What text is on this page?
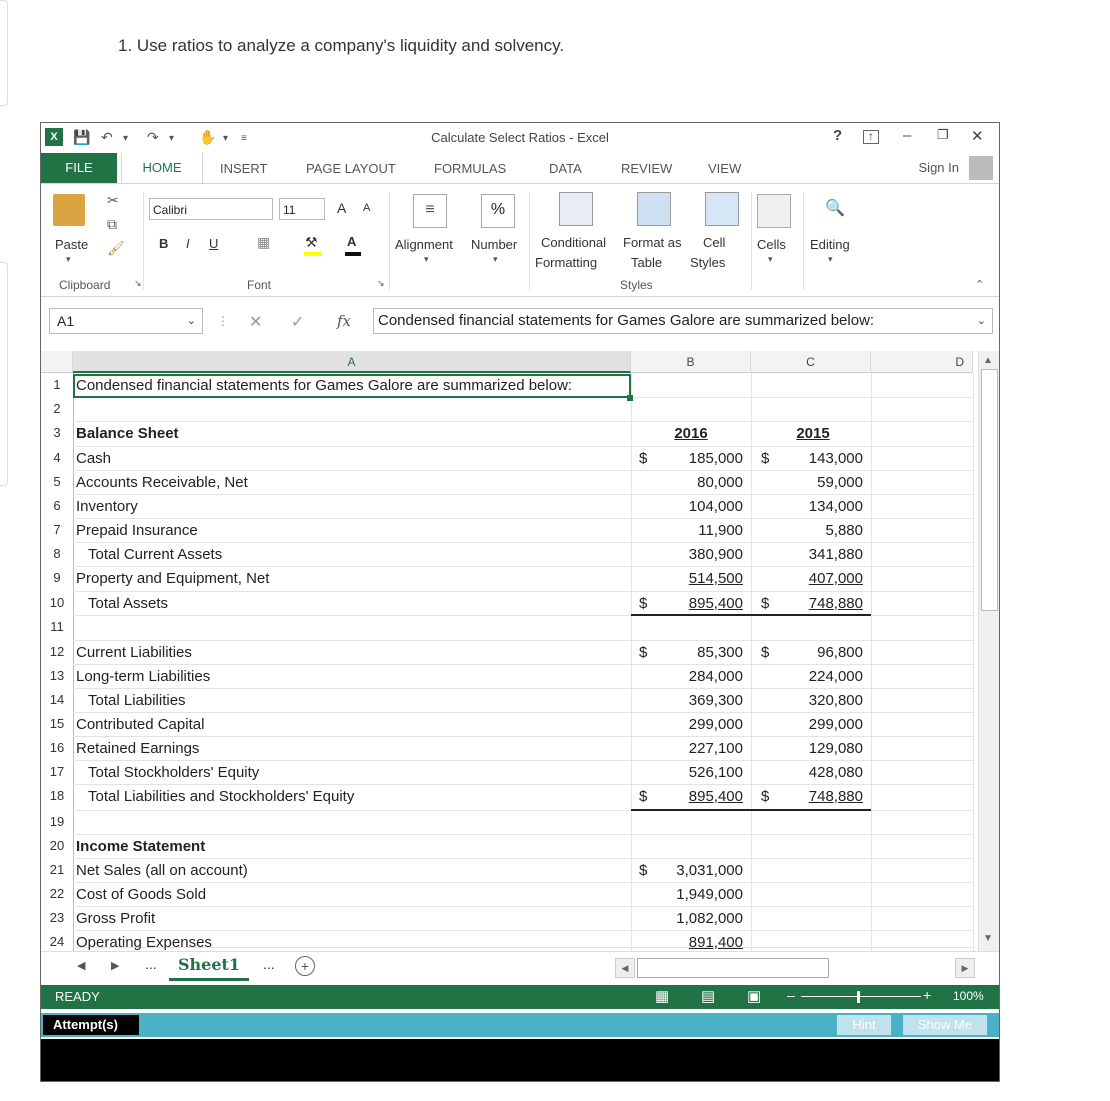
1. Use ratios to analyze a company's liquidity and solvency.
X	💾 ↶ ▾ ↷ ▾ ✋ ▾ ≡	Calculate Select Ratios - Excel	?	↑	– ❐ ✕
FILE	HOME	INSERT	PAGE LAYOUT	FORMULAS	DATA	REVIEW	VIEW	Sign In
Paste
▾
✂
⧉
🖌
Clipboard	↘
Calibri	11	A A
B I U	▦ ⚒ A
Font	↘
≡
Alignment
▾
%
Number
▾
Conditional
Formatting
Format as
Table
Cell
Styles
Styles
Cells
▾
🔍
Editing
▾
⌃
A1	⌄ ⋮ ✕ ✓ fx	Condensed financial statements for Games Galore are summarized below:	⌄
A	B	C	D
1	Condensed financial statements for Games Galore are summarized below:
2
3	Balance Sheet	2016	2015
4	Cash	$	185,000 $	143,000
5	Accounts Receivable, Net	80,000	59,000
6	Inventory	104,000	134,000
7	Prepaid Insurance	11,900	5,880
8	Total Current Assets	380,900	341,880
9	Property and Equipment, Net	514,500	407,000
10	Total Assets	$	895,400 $	748,880
11
12 Current Liabilities	$	85,300 $	96,800
13 Long-term Liabilities	284,000	224,000
14	Total Liabilities	369,300	320,800
15 Contributed Capital	299,000	299,000
16 Retained Earnings	227,100	129,080
17	Total Stockholders' Equity	526,100	428,080
18	Total Liabilities and Stockholders' Equity	$	895,400 $	748,880
19
20 Income Statement
21 Net Sales (all on account)	$	3,031,000
22 Cost of Goods Sold	1,949,000
23 Gross Profit	1,082,000
24 Operating Expenses	891,400
▲
▼
◀ ▶ ...	Sheet1	...	+	◀	▶
READY	▦ ▤ ▣ –	+ 100%
Attempt(s)	Hint	Show Me
